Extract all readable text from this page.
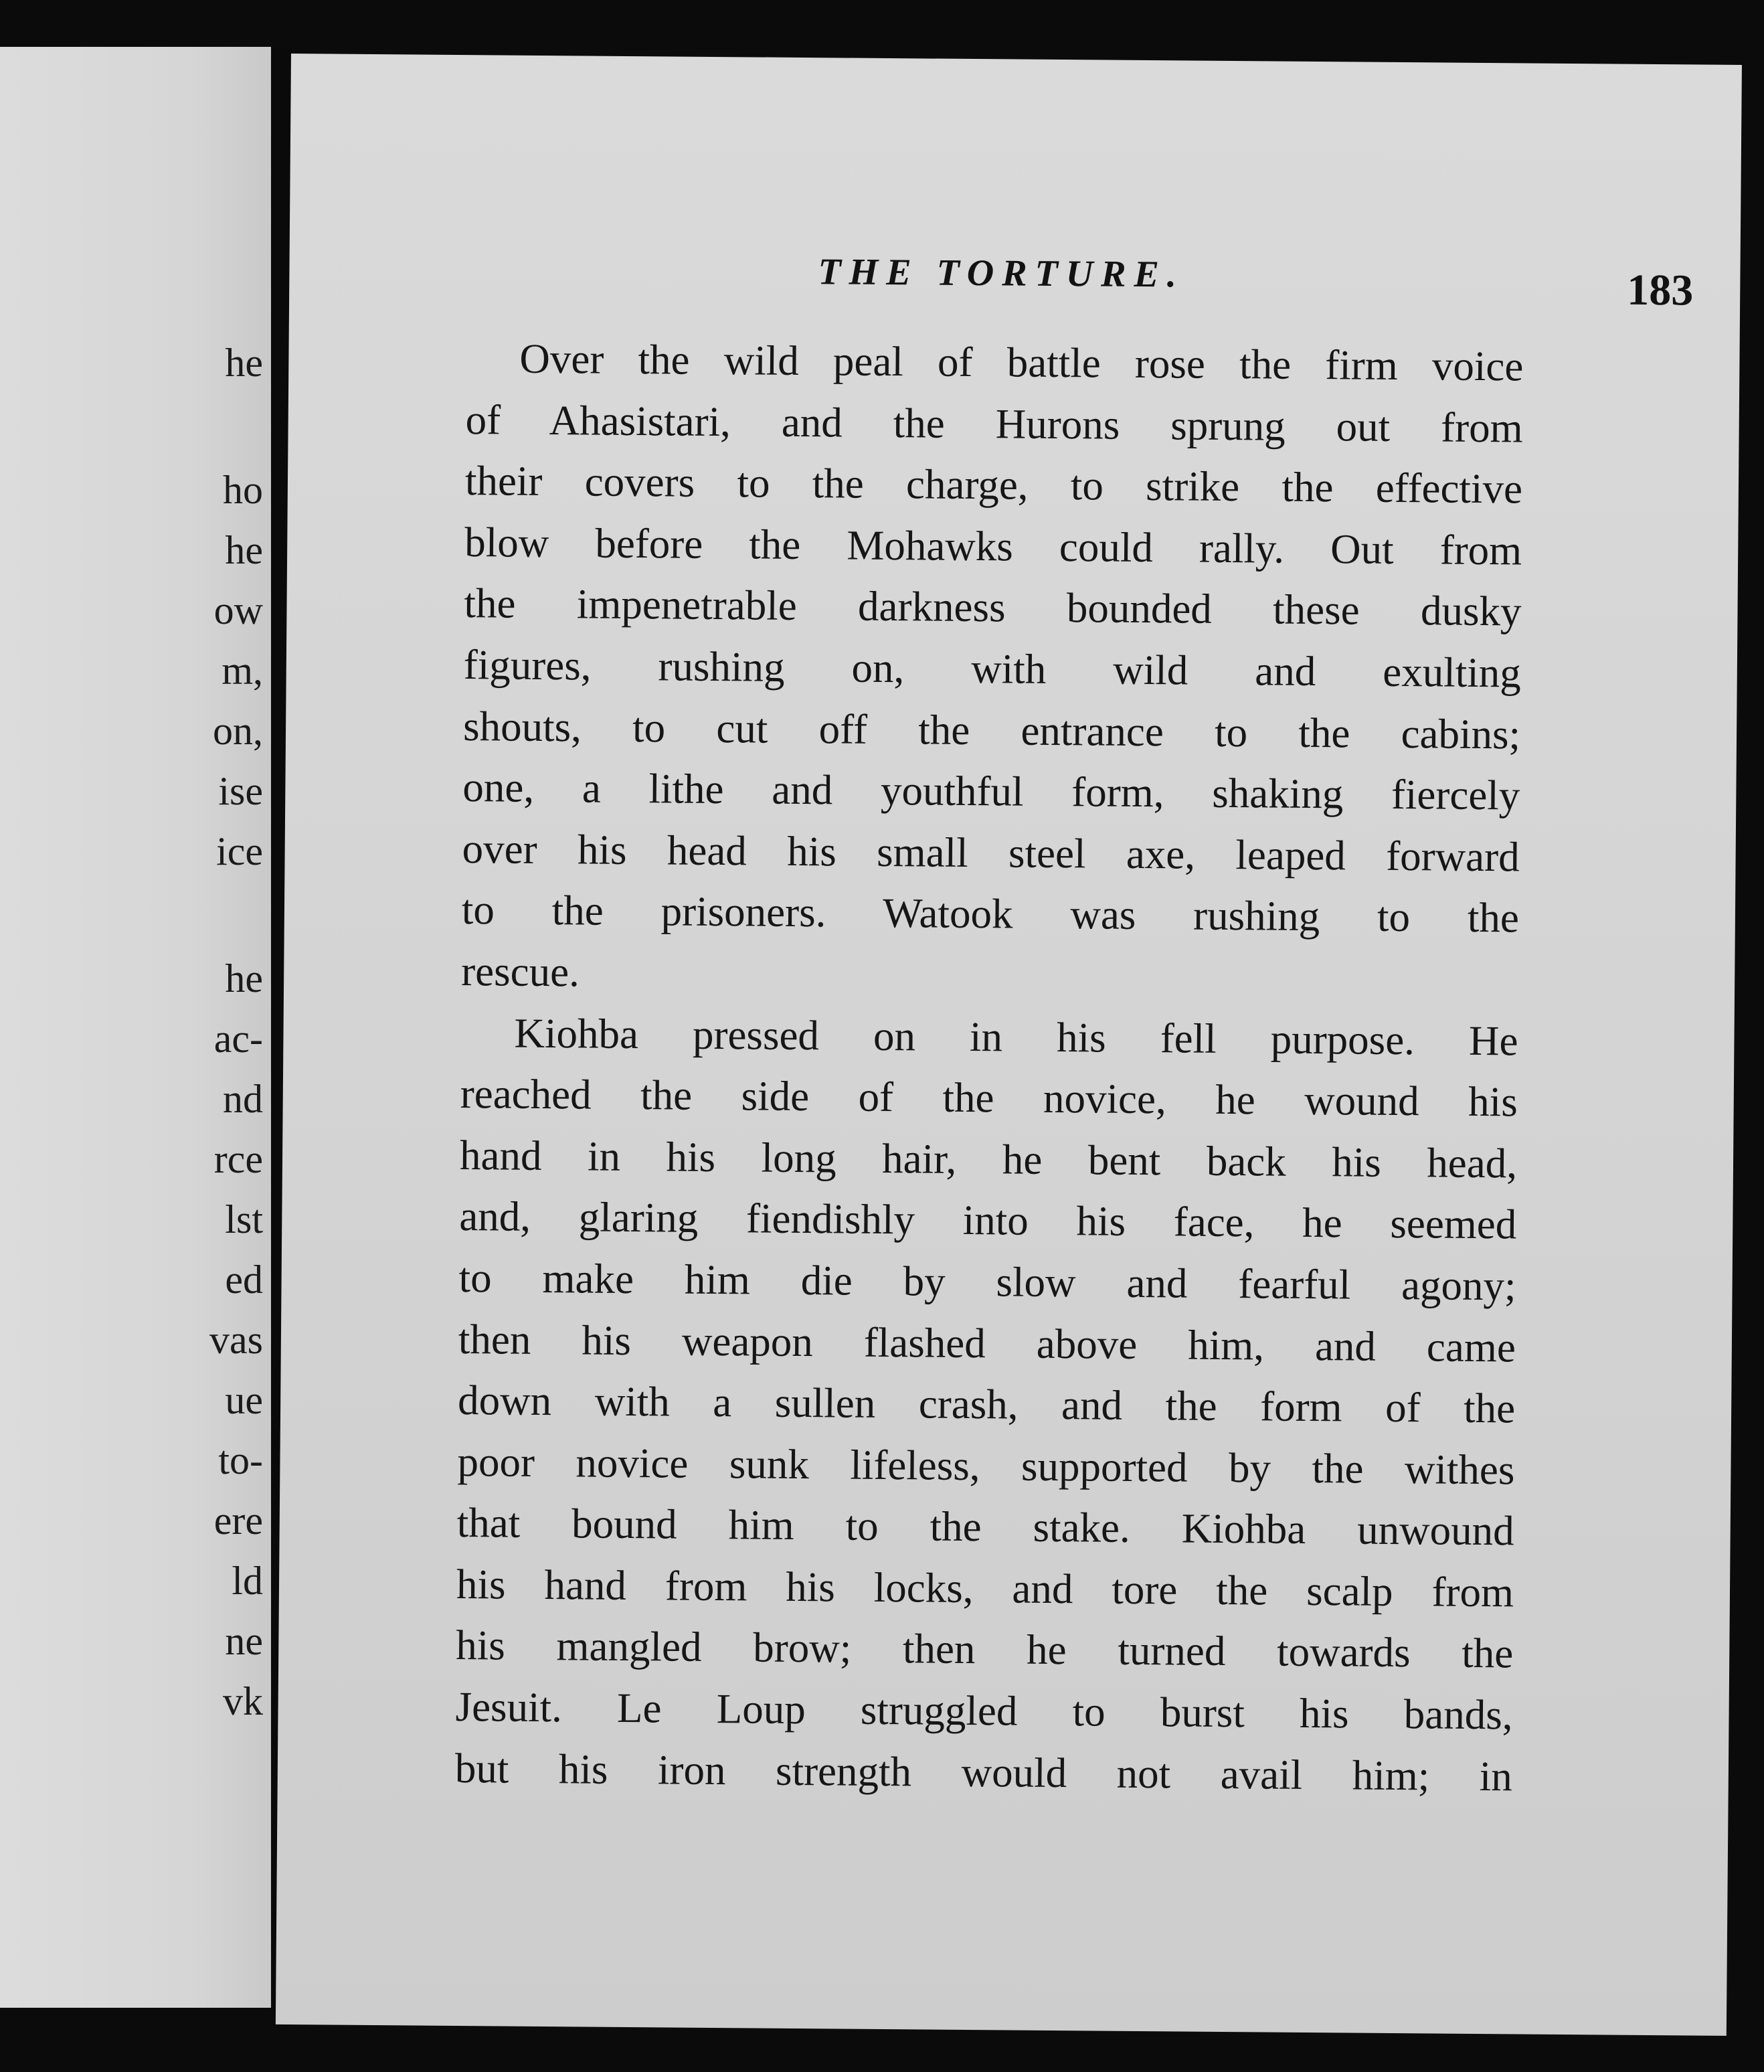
he
ho
he
ow
m,
on,
ise
ice
he
ac-
nd
rce
lst
ed
vas
ue
to-
ere
ld
ne
vk
THE TORTURE.	183
Over the wild peal of battle rose the firm voice
of Ahasistari, and the Hurons sprung out from
their covers to the charge, to strike the effective
blow before the Mohawks could rally. Out from
the impenetrable darkness bounded these dusky
figures, rushing on, with wild and exulting
shouts, to cut off the entrance to the cabins;
one, a lithe and youthful form, shaking fiercely
over his head his small steel axe, leaped forward
to the prisoners. Watook was rushing to the
rescue.
Kiohba pressed on in his fell purpose. He
reached the side of the novice, he wound his
hand in his long hair, he bent back his head,
and, glaring fiendishly into his face, he seemed
to make him die by slow and fearful agony;
then his weapon flashed above him, and came
down with a sullen crash, and the form of the
poor novice sunk lifeless, supported by the withes
that bound him to the stake. Kiohba unwound
his hand from his locks, and tore the scalp from
his mangled brow; then he turned towards the
Jesuit. Le Loup struggled to burst his bands,
but his iron strength would not avail him; in
